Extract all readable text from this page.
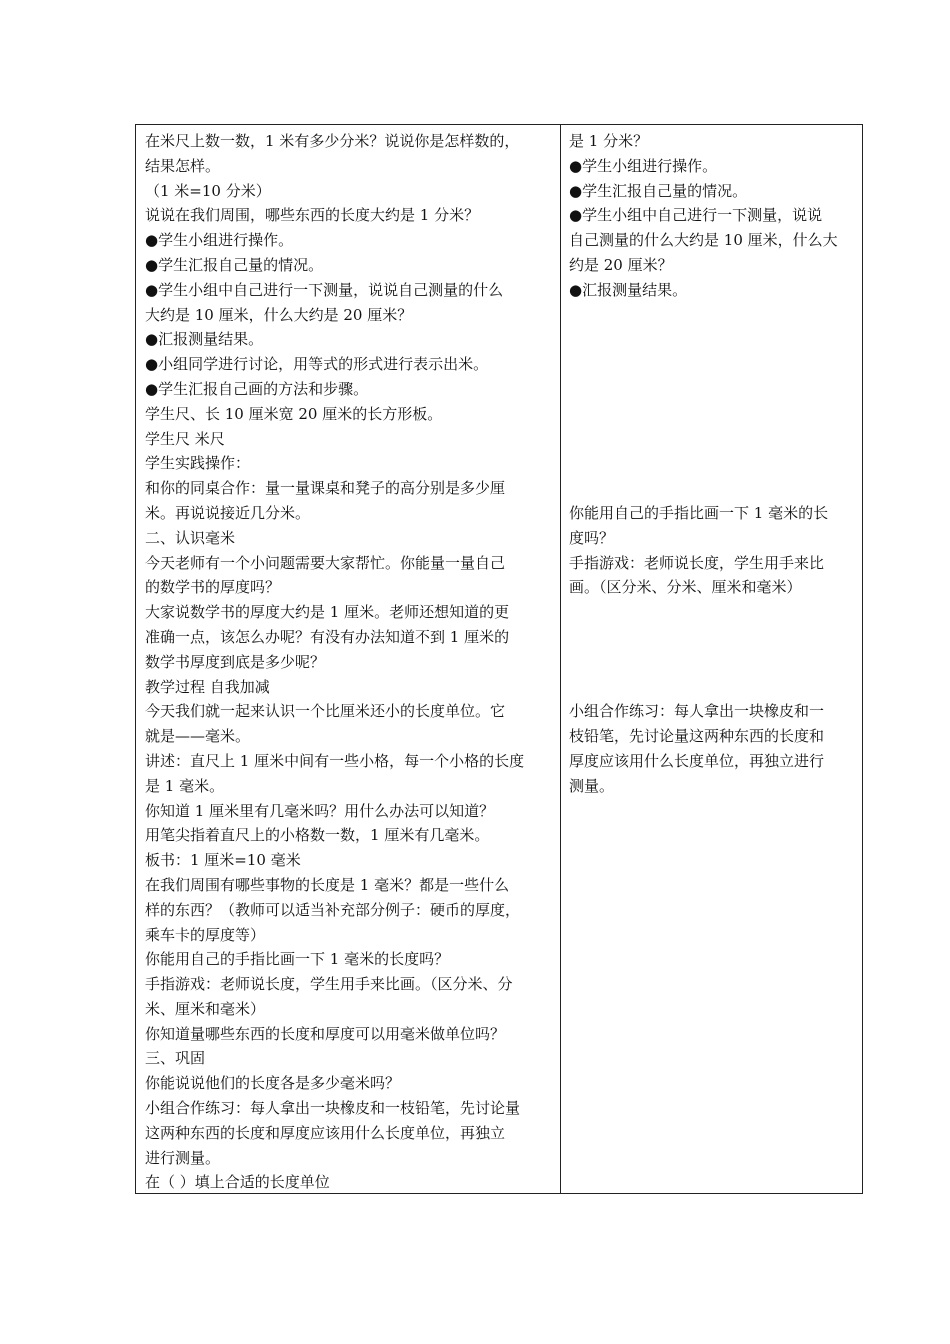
在米尺上数一数，1 米有多少分米？说说你是怎样数的，
结果怎样。
（1 米=10 分米）
说说在我们周围，哪些东西的长度大约是 1 分米？
●学生小组进行操作。
●学生汇报自己量的情况。
●学生小组中自己进行一下测量，说说自己测量的什么
大约是 10 厘米，什么大约是 20 厘米？
●汇报测量结果。
●小组同学进行讨论，用等式的形式进行表示出米。
●学生汇报自己画的方法和步骤。
学生尺、长 10 厘米宽 20 厘米的长方形板。
学生尺 米尺
学生实践操作：
和你的同桌合作：量一量课桌和凳子的高分别是多少厘
米。再说说接近几分米。
二、认识毫米
今天老师有一个小问题需要大家帮忙。你能量一量自己
的数学书的厚度吗？
大家说数学书的厚度大约是 1 厘米。老师还想知道的更
准确一点，该怎么办呢？有没有办法知道不到 1 厘米的
数学书厚度到底是多少呢？
教学过程 自我加减
今天我们就一起来认识一个比厘米还小的长度单位。它
就是——毫米。
讲述：直尺上 1 厘米中间有一些小格，每一个小格的长度
是 1 毫米。
你知道 1 厘米里有几毫米吗？用什么办法可以知道？
用笔尖指着直尺上的小格数一数，1 厘米有几毫米。
板书：1 厘米=10 毫米
在我们周围有哪些事物的长度是 1 毫米？都是一些什么
样的东西？（教师可以适当补充部分例子：硬币的厚度，
乘车卡的厚度等）
你能用自己的手指比画一下 1 毫米的长度吗？
手指游戏：老师说长度，学生用手来比画。（区分米、分
米、厘米和毫米）
你知道量哪些东西的长度和厚度可以用毫米做单位吗？
三、巩固
你能说说他们的长度各是多少毫米吗？
小组合作练习：每人拿出一块橡皮和一枝铅笔，先讨论量
这两种东西的长度和厚度应该用什么长度单位，再独立
进行测量。
在（ ）填上合适的长度单位
是 1 分米？
●学生小组进行操作。
●学生汇报自己量的情况。
●学生小组中自己进行一下测量，说说
自己测量的什么大约是 10 厘米，什么大
约是 20 厘米？
●汇报测量结果。
你能用自己的手指比画一下 1 毫米的长
度吗？
手指游戏：老师说长度，学生用手来比
画。（区分米、分米、厘米和毫米）
小组合作练习：每人拿出一块橡皮和一
枝铅笔，先讨论量这两种东西的长度和
厚度应该用什么长度单位，再独立进行
测量。
